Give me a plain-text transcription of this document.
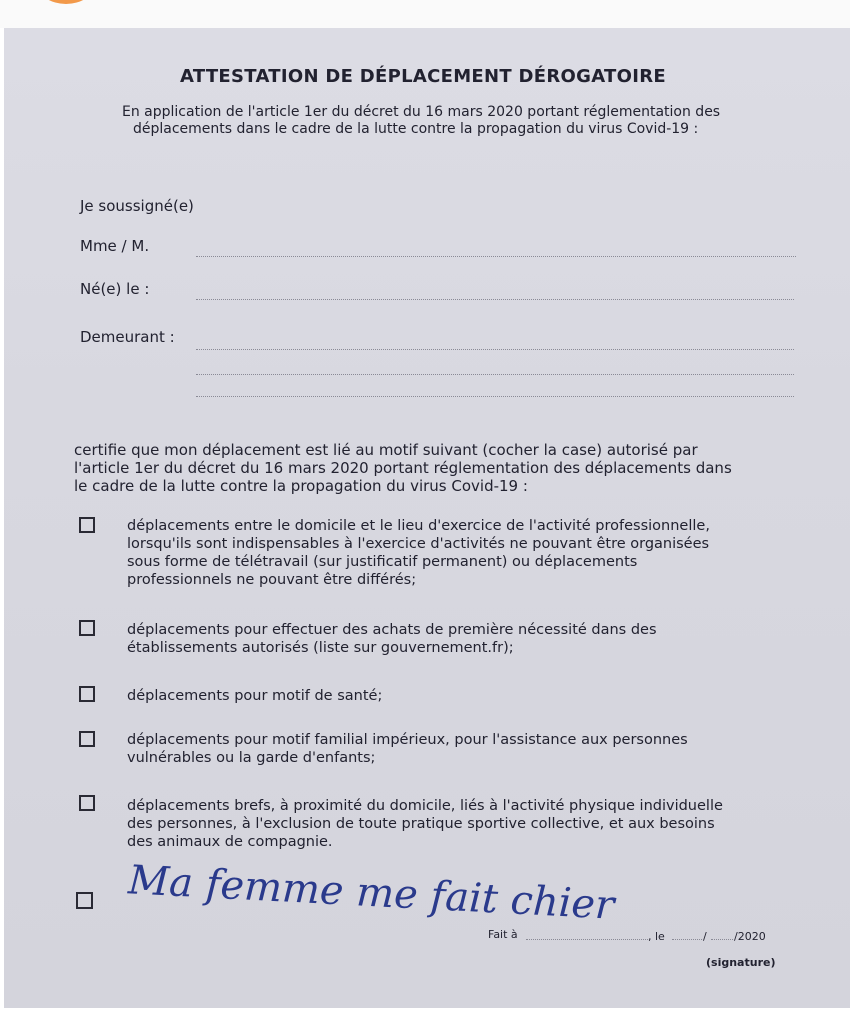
ATTESTATION DE DÉPLACEMENT DÉROGATOIRE
En application de l'article 1er du décret du 16 mars 2020 portant réglementation des
déplacements dans le cadre de la lutte contre la propagation du virus Covid-19 :
Je soussigné(e)
Mme / M.
Né(e) le :
Demeurant :
certifie que mon déplacement est lié au motif suivant (cocher la case) autorisé par
l'article 1er du décret du 16 mars 2020 portant réglementation des déplacements dans
le cadre de la lutte contre la propagation du virus Covid-19 :
déplacements entre le domicile et le lieu d'exercice de l'activité professionnelle,
lorsqu'ils sont indispensables à l'exercice d'activités ne pouvant être organisées
sous forme de télétravail (sur justificatif permanent) ou déplacements
professionnels ne pouvant être différés;
déplacements pour effectuer des achats de première nécessité dans des
établissements autorisés (liste sur gouvernement.fr);
déplacements pour motif de santé;
déplacements pour motif familial impérieux, pour l'assistance aux personnes
vulnérables ou la garde d'enfants;
déplacements brefs, à proximité du domicile, liés à l'activité physique individuelle
des personnes, à l'exclusion de toute pratique sportive collective, et aux besoins
des animaux de compagnie.
Ma femme me fait chier
Fait à	, le	/ /2020
(signature)
